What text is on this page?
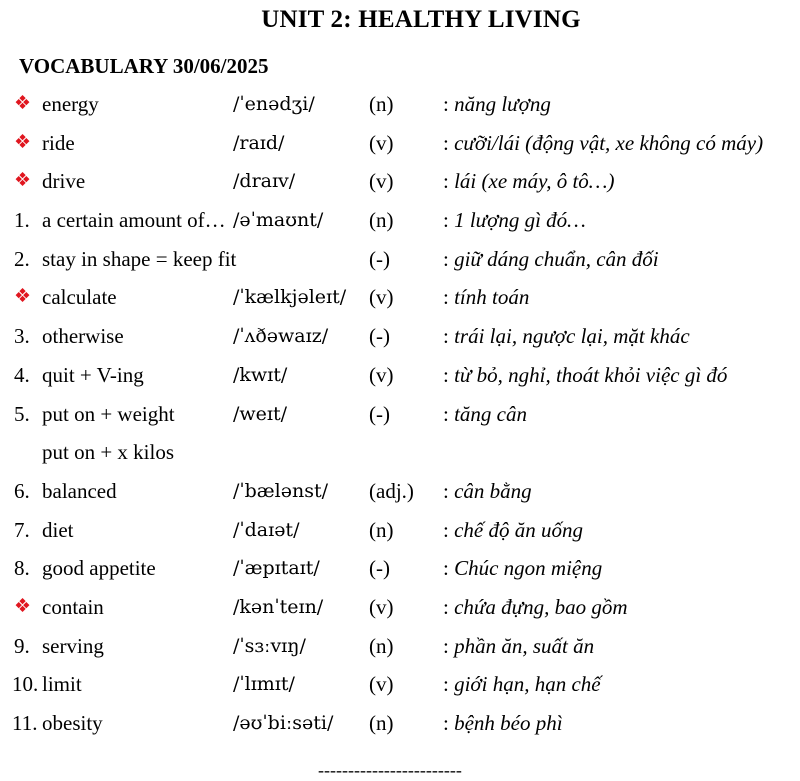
UNIT 2: HEALTHY LIVING
VOCABULARY 30/06/2025
❖ energy	/ˈenədʒi/	(n) : năng lượng
❖ ride	/raɪd/	(v) : cưỡi/lái (động vật, xe không có máy)
❖ drive	/draɪv/	(v) : lái (xe máy, ô tô…)
1. a certain amount of… /əˈmaʊnt/ (n) : 1 lượng gì đó…
2. stay in shape = keep fit	(-)	: giữ dáng chuẩn, cân đối
❖ calculate	/ˈkælkjəleɪt/ (v) : tính toán
3. otherwise	/ˈʌðəwaɪz/ (-)	: trái lại, ngược lại, mặt khác
4. quit + V-ing	/kwɪt/	(v) : từ bỏ, nghỉ, thoát khỏi việc gì đó
5. put on + weight	/weɪt/	(-)	: tăng cân
put on + x kilos
6. balanced	/ˈbælənst/ (adj.) : cân bằng
7. diet	/ˈdaɪət/	(n) : chế độ ăn uống
8. good appetite	/ˈæpɪtaɪt/ (-)	: Chúc ngon miệng
❖ contain	/kənˈteɪn/ (v) : chứa đựng, bao gồm
9. serving	/ˈsɜːvɪŋ/	(n) : phần ăn, suất ăn
10. limit	/ˈlɪmɪt/	(v) : giới hạn, hạn chế
11. obesity	/əʊˈbiːsəti/ (n) : bệnh béo phì
------------------------
